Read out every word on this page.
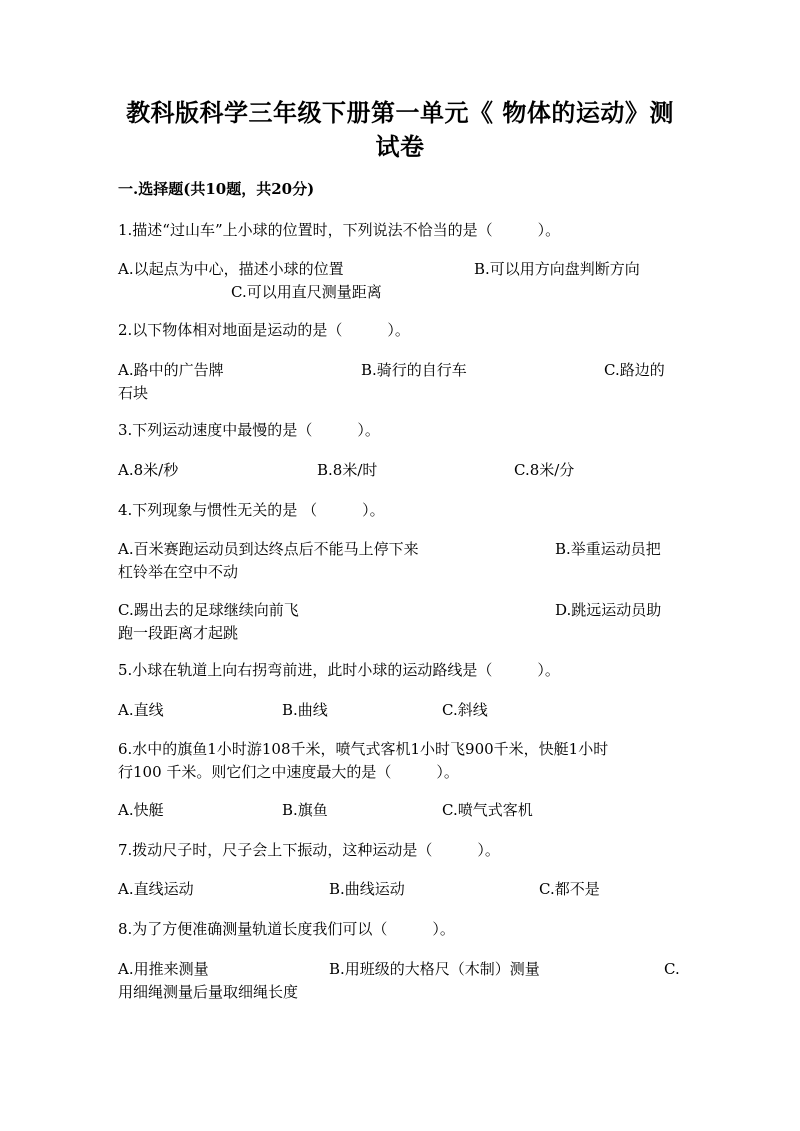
教科版科学三年级下册第一单元《 物体的运动》测
试卷
一.选择题(共10题，共20分)
1.描述“过山车”上小球的位置时，下列说法不恰当的是（　　　）。
A.以起点为中心，描述小球的位置	B.可以用方向盘判断方向
C.可以用直尺测量距离
2.以下物体相对地面是运动的是（　　　）。
A.路中的广告牌	B.骑行的自行车	C.路边的
石块
3.下列运动速度中最慢的是（　　　）。
A.8米/秒	B.8米/时	C.8米/分
4.下列现象与惯性无关的是 （　　　）。
A.百米赛跑运动员到达终点后不能马上停下来	B.举重运动员把
杠铃举在空中不动
C.踢出去的足球继续向前飞	D.跳远运动员助
跑一段距离才起跳
5.小球在轨道上向右拐弯前进，此时小球的运动路线是（　　　）。
A.直线	B.曲线	C.斜线
6.水中的旗鱼1小时游108千米，喷气式客机1小时飞900千米，快艇1小时
行100 千米。则它们之中速度最大的是（　　　）。
A.快艇	B.旗鱼	C.喷气式客机
7.拨动尺子时，尺子会上下振动，这种运动是（　　　）。
A.直线运动	B.曲线运动	C.都不是
8.为了方便准确测量轨道长度我们可以（　　　）。
A.用推来测量	B.用班级的大格尺（木制）测量	C.
用细绳测量后量取细绳长度
